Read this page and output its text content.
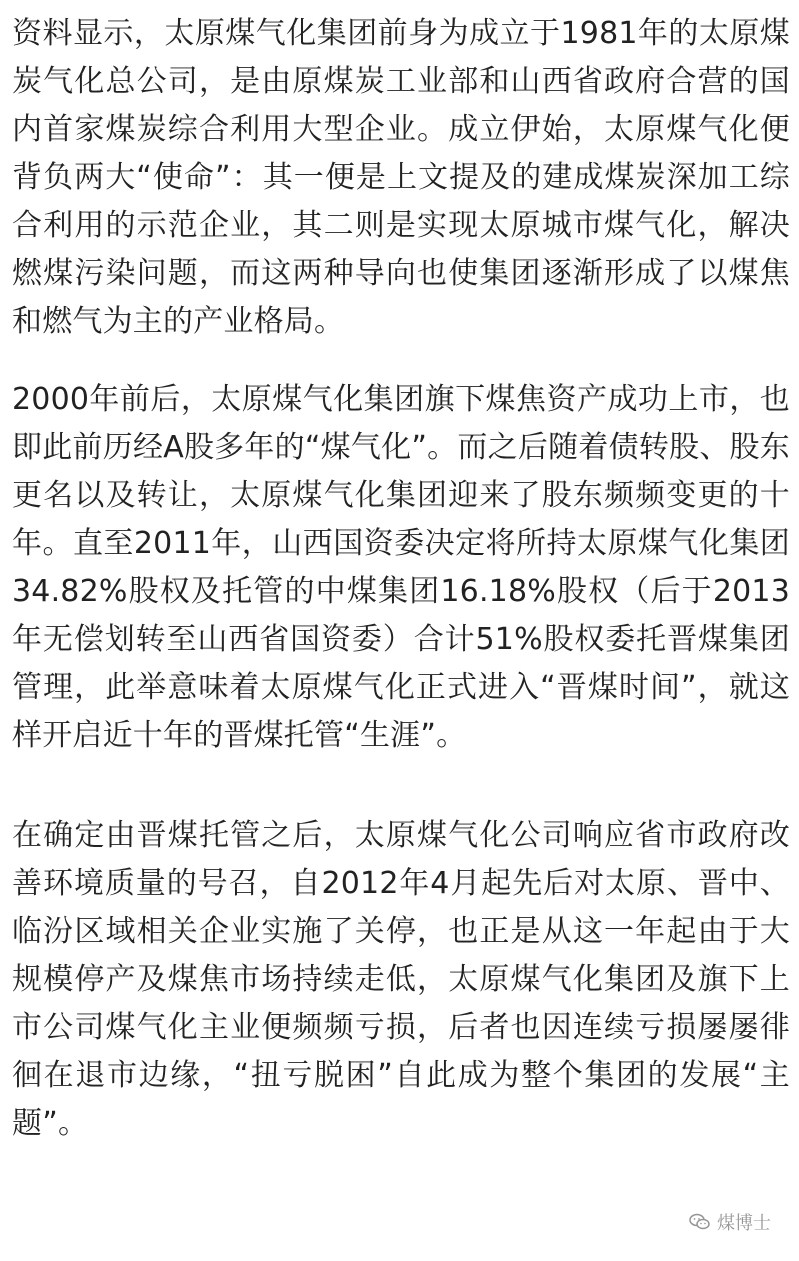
资料显示，太原煤气化集团前身为成立于1981年的太原煤炭气化总公司，是由原煤炭工业部和山西省政府合营的国内首家煤炭综合利用大型企业。成立伊始，太原煤气化便背负两大“使命”：其一便是上文提及的建成煤炭深加工综合利用的示范企业，其二则是实现太原城市煤气化，解决燃煤污染问题，而这两种导向也使集团逐渐形成了以煤焦和燃气为主的产业格局。

2000年前后，太原煤气化集团旗下煤焦资产成功上市，也即此前历经A股多年的“煤气化”。而之后随着债转股、股东更名以及转让，太原煤气化集团迎来了股东频频变更的十年。直至2011年，山西国资委决定将所持太原煤气化集团34.82%股权及托管的中煤集团16.18%股权（后于2013年无偿划转至山西省国资委）合计51%股权委托晋煤集团管理，此举意味着太原煤气化正式进入“晋煤时间”，就这样开启近十年的晋煤托管“生涯”。

在确定由晋煤托管之后，太原煤气化公司响应省市政府改善环境质量的号召，自2012年4月起先后对太原、晋中、临汾区域相关企业实施了关停，也正是从这一年起由于大规模停产及煤焦市场持续走低，太原煤气化集团及旗下上市公司煤气化主业便频频亏损，后者也因连续亏损屡屡徘徊在退市边缘，“扭亏脱困”自此成为整个集团的发展“主题”。

煤博士
